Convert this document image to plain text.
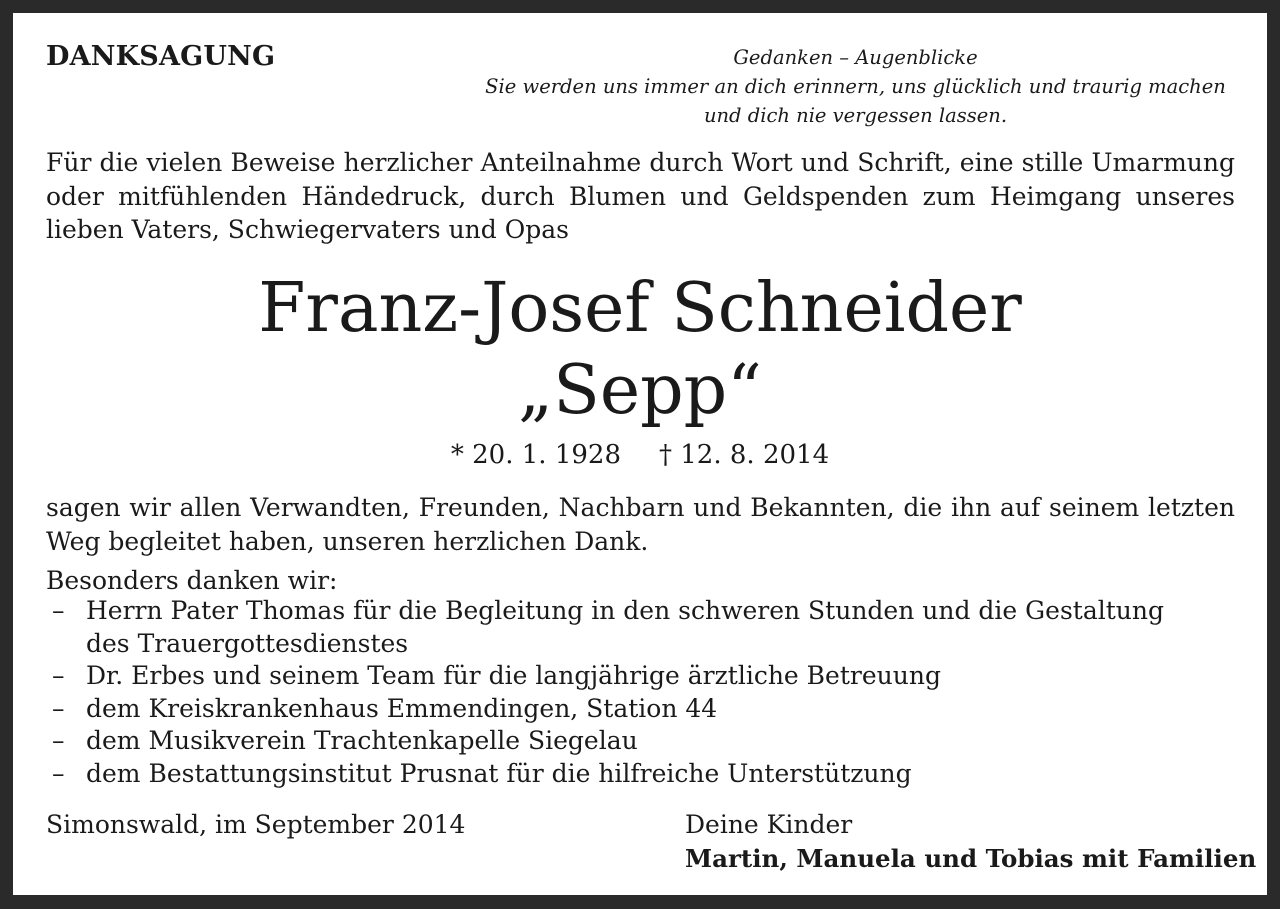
DANKSAGUNG	Gedanken – Augenblicke
Sie werden uns immer an dich erinnern, uns glücklich und traurig machen
und dich nie vergessen lassen.
Für die vielen Beweise herzlicher Anteilnahme durch Wort und Schrift, eine stille Umarmung oder mitfühlenden Händedruck, durch Blumen und Geldspenden zum Heimgang unseres lieben Vaters, Schwiegervaters und Opas
Franz-Josef Schneider
„Sepp“
* 20. 1. 1928 † 12. 8. 2014
sagen wir allen Verwandten, Freunden, Nachbarn und Bekannten, die ihn auf seinem letzten Weg begleitet haben, unseren herzlichen Dank.
Besonders danken wir:
– Herrn Pater Thomas für die Begleitung in den schweren Stunden und die Gestaltung des Trauergottesdienstes
– Dr. Erbes und seinem Team für die langjährige ärztliche Betreuung
– dem Kreiskrankenhaus Emmendingen, Station 44
– dem Musikverein Trachtenkapelle Siegelau
– dem Bestattungsinstitut Prusnat für die hilfreiche Unterstützung
Simonswald, im September 2014	Deine Kinder
Martin, Manuela und Tobias mit Familien
